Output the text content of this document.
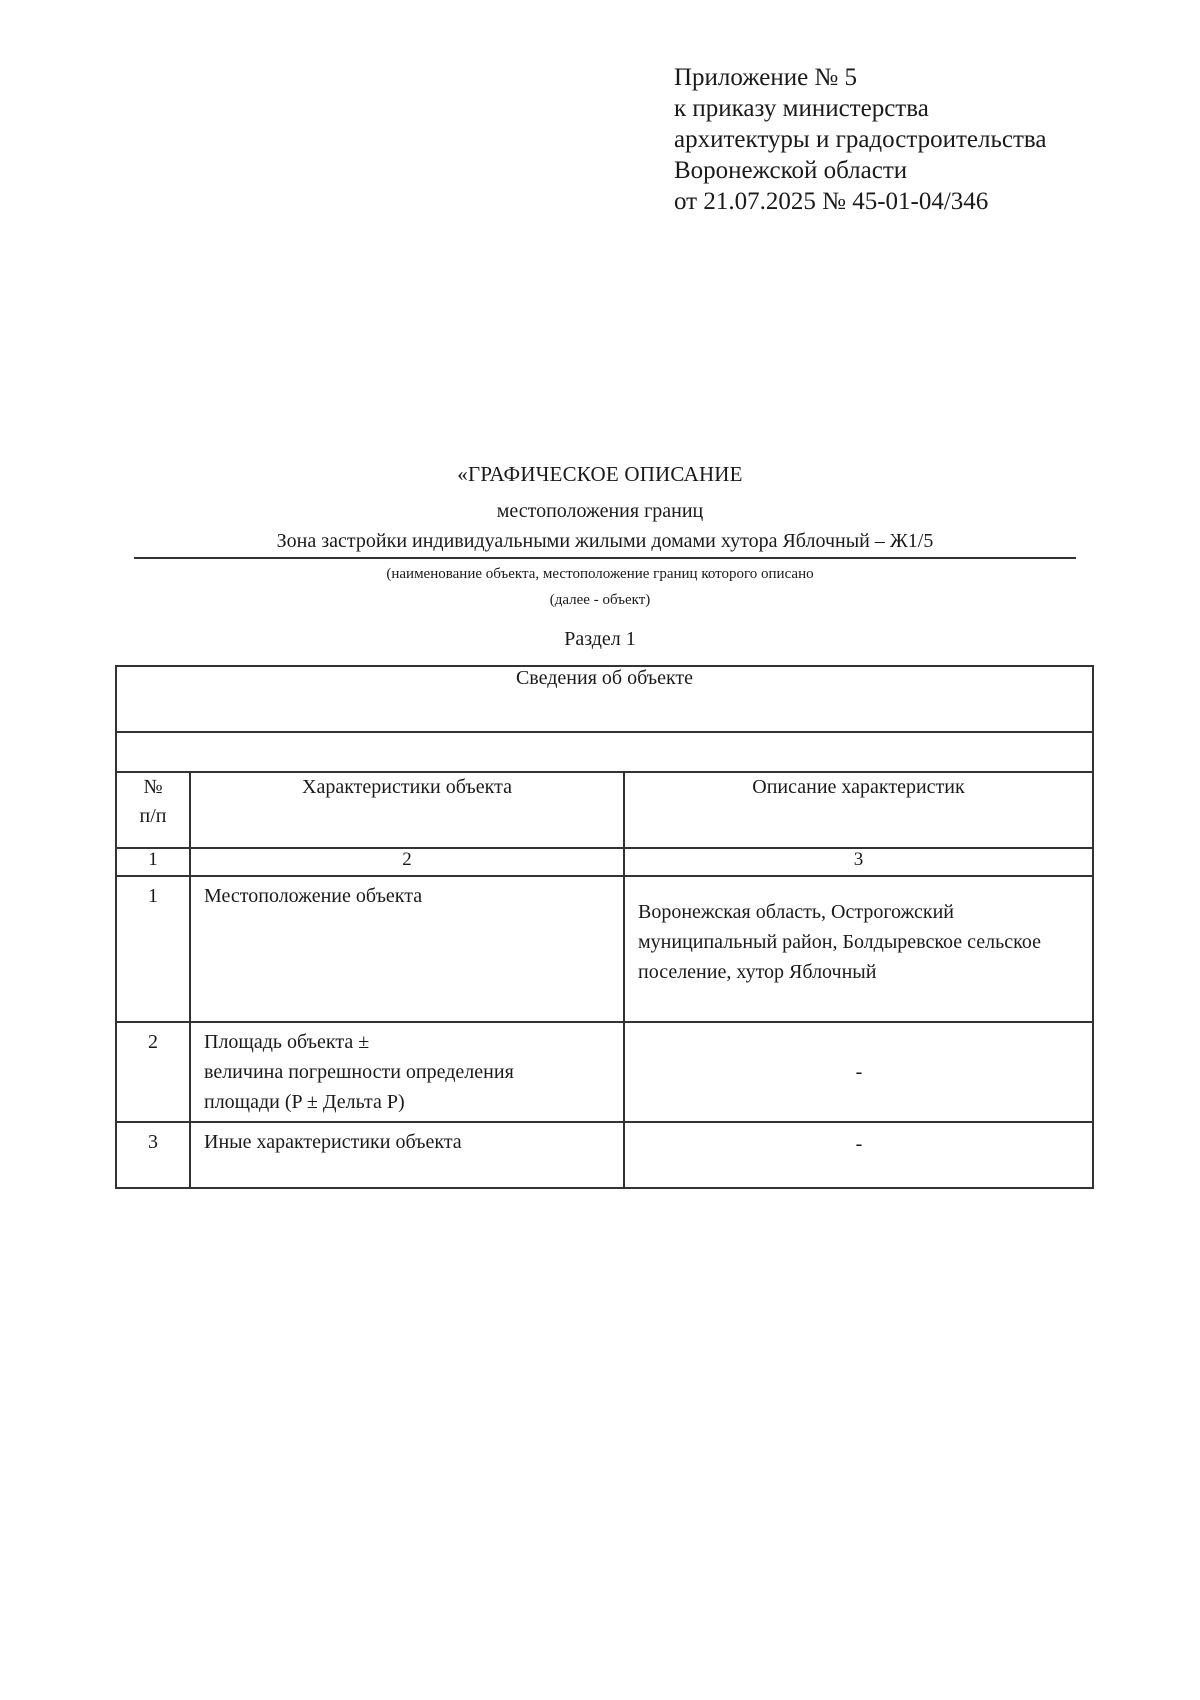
Приложение № 5
к приказу министерства
архитектуры и градостроительства
Воронежской области
от 21.07.2025 № 45-01-04/346
«ГРАФИЧЕСКОЕ ОПИСАНИЕ
местоположения границ
Зона застройки индивидуальными жилыми домами хутора Яблочный – Ж1/5
(наименование объекта, местоположение границ которого описано
(далее - объект)
Раздел 1
Сведения об объекте		

№
п/п	Характеристики объекта	Описание характеристик
1	2	3
1	Местоположение объекта	Воронежская область, Острогожский муниципальный район, Болдыревское сельское поселение, хутор Яблочный
2	Площадь объекта ±
величина погрешности определения
площади (P ± Дельта P)	-
3	Иные характеристики объекта	-
